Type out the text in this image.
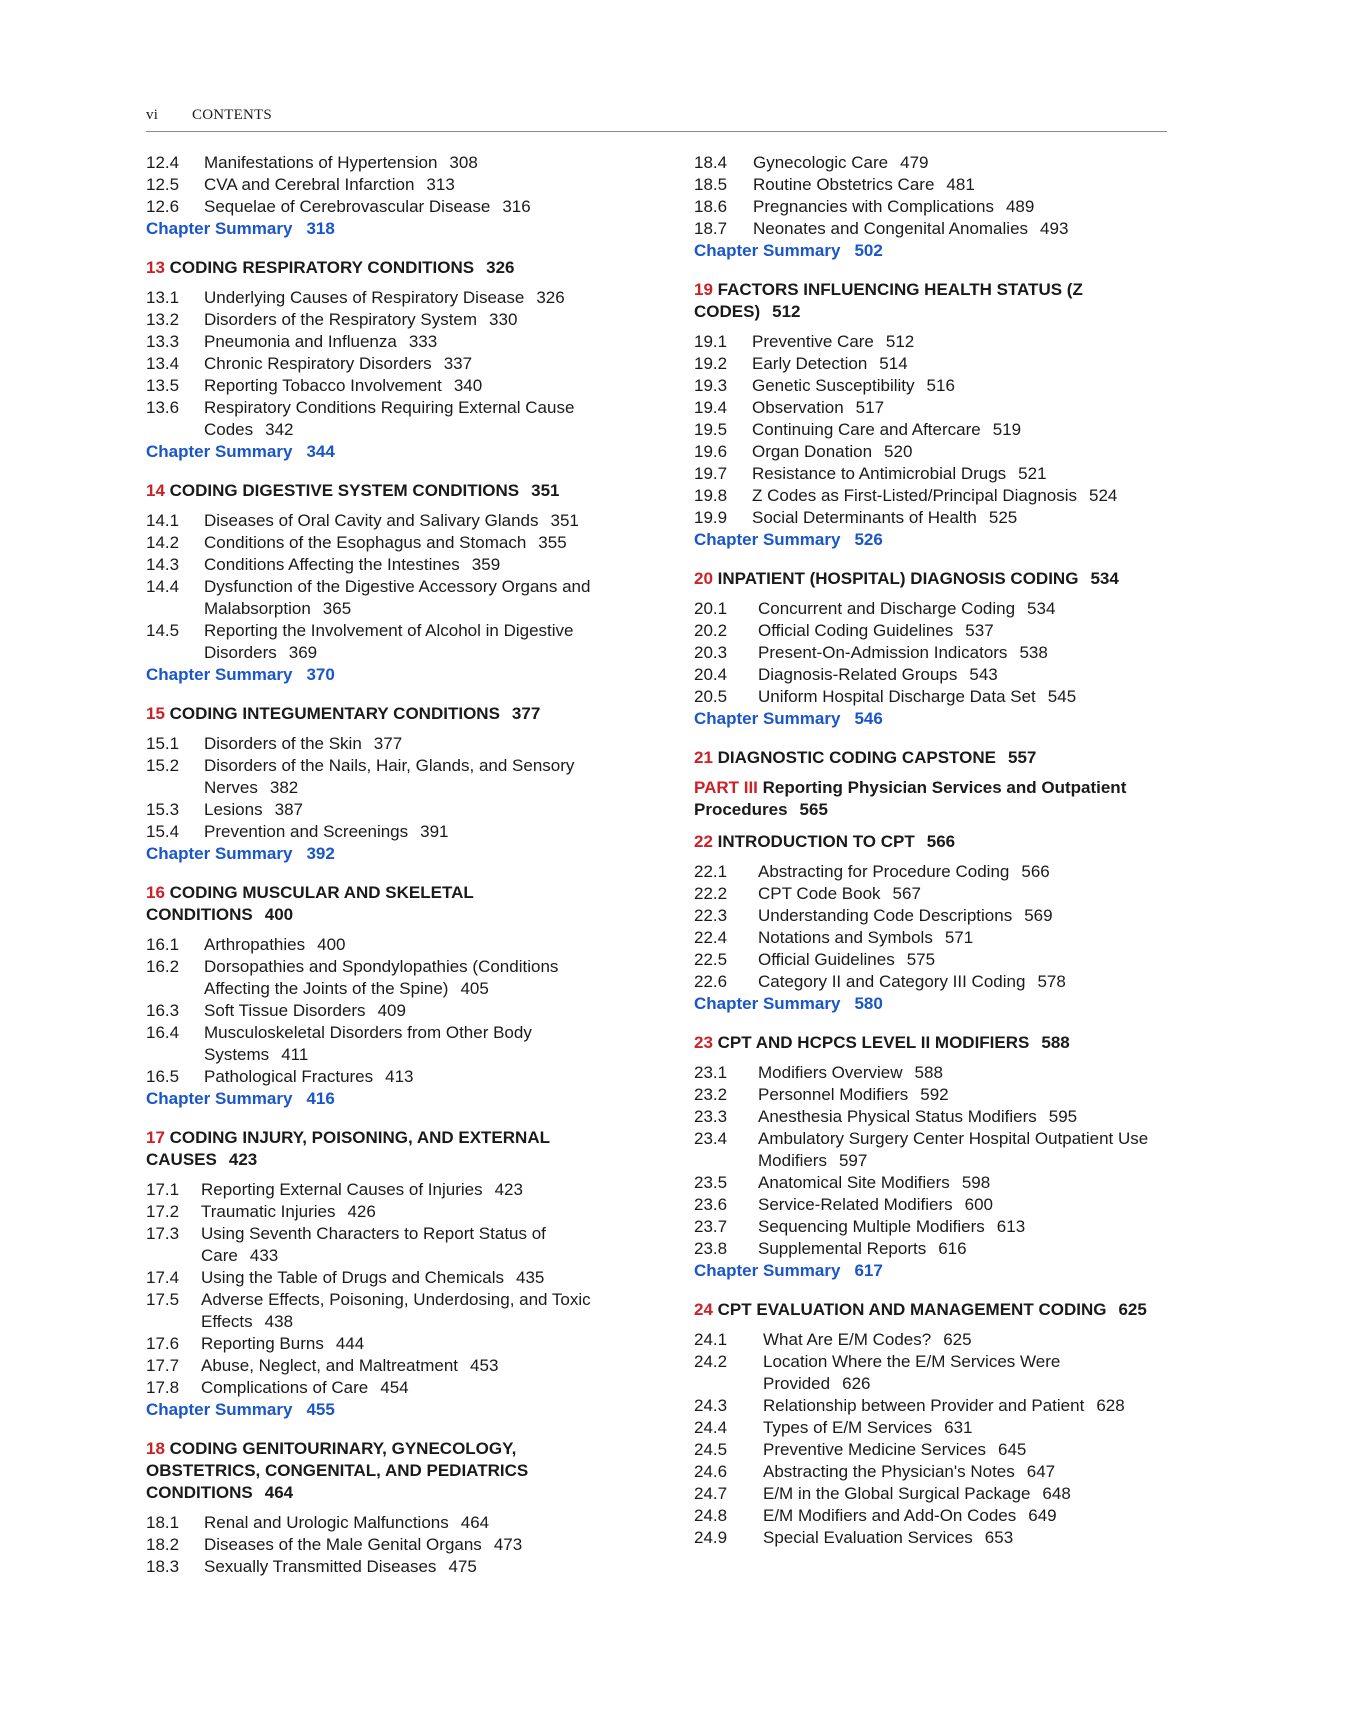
vi CONTENTS
12.4	Manifestations of Hypertension 308
12.5	CVA and Cerebral Infarction 313
12.6	Sequelae of Cerebrovascular Disease 316
Chapter Summary 318
13 CODING RESPIRATORY CONDITIONS 326
13.1	Underlying Causes of Respiratory Disease 326
13.2	Disorders of the Respiratory System 330
13.3	Pneumonia and Influenza 333
13.4	Chronic Respiratory Disorders 337
13.5	Reporting Tobacco Involvement 340
13.6	Respiratory Conditions Requiring External Cause Codes 342
Chapter Summary 344
14 CODING DIGESTIVE SYSTEM CONDITIONS 351
14.1	Diseases of Oral Cavity and Salivary Glands 351
14.2	Conditions of the Esophagus and Stomach 355
14.3	Conditions Affecting the Intestines 359
14.4	Dysfunction of the Digestive Accessory Organs and Malabsorption 365
14.5	Reporting the Involvement of Alcohol in Digestive Disorders 369
Chapter Summary 370
15 CODING INTEGUMENTARY CONDITIONS 377
15.1	Disorders of the Skin 377
15.2	Disorders of the Nails, Hair, Glands, and Sensory Nerves 382
15.3	Lesions 387
15.4	Prevention and Screenings 391
Chapter Summary 392
16 CODING MUSCULAR AND SKELETAL CONDITIONS 400
16.1	Arthropathies 400
16.2	Dorsopathies and Spondylopathies (Conditions Affecting the Joints of the Spine) 405
16.3	Soft Tissue Disorders 409
16.4	Musculoskeletal Disorders from Other Body Systems 411
16.5	Pathological Fractures 413
Chapter Summary 416
17 CODING INJURY, POISONING, AND EXTERNAL CAUSES 423
17.1	Reporting External Causes of Injuries 423
17.2	Traumatic Injuries 426
17.3	Using Seventh Characters to Report Status of Care 433
17.4	Using the Table of Drugs and Chemicals 435
17.5	Adverse Effects, Poisoning, Underdosing, and Toxic Effects 438
17.6	Reporting Burns 444
17.7	Abuse, Neglect, and Maltreatment 453
17.8	Complications of Care 454
Chapter Summary 455
18 CODING GENITOURINARY, GYNECOLOGY, OBSTETRICS, CONGENITAL, AND PEDIATRICS CONDITIONS 464
18.1	Renal and Urologic Malfunctions 464
18.2	Diseases of the Male Genital Organs 473
18.3	Sexually Transmitted Diseases 475
18.4	Gynecologic Care 479
18.5	Routine Obstetrics Care 481
18.6	Pregnancies with Complications 489
18.7	Neonates and Congenital Anomalies 493
Chapter Summary 502
19 FACTORS INFLUENCING HEALTH STATUS (Z CODES) 512
19.1	Preventive Care 512
19.2	Early Detection 514
19.3	Genetic Susceptibility 516
19.4	Observation 517
19.5	Continuing Care and Aftercare 519
19.6	Organ Donation 520
19.7	Resistance to Antimicrobial Drugs 521
19.8	Z Codes as First-Listed/Principal Diagnosis 524
19.9	Social Determinants of Health 525
Chapter Summary 526
20 INPATIENT (HOSPITAL) DIAGNOSIS CODING 534
20.1	Concurrent and Discharge Coding 534
20.2	Official Coding Guidelines 537
20.3	Present-On-Admission Indicators 538
20.4	Diagnosis-Related Groups 543
20.5	Uniform Hospital Discharge Data Set 545
Chapter Summary 546
21 DIAGNOSTIC CODING CAPSTONE 557
PART III Reporting Physician Services and Outpatient Procedures 565
22 INTRODUCTION TO CPT 566
22.1	Abstracting for Procedure Coding 566
22.2	CPT Code Book 567
22.3	Understanding Code Descriptions 569
22.4	Notations and Symbols 571
22.5	Official Guidelines 575
22.6	Category II and Category III Coding 578
Chapter Summary 580
23 CPT AND HCPCS LEVEL II MODIFIERS 588
23.1	Modifiers Overview 588
23.2	Personnel Modifiers 592
23.3	Anesthesia Physical Status Modifiers 595
23.4	Ambulatory Surgery Center Hospital Outpatient Use Modifiers 597
23.5	Anatomical Site Modifiers 598
23.6	Service-Related Modifiers 600
23.7	Sequencing Multiple Modifiers 613
23.8	Supplemental Reports 616
Chapter Summary 617
24 CPT EVALUATION AND MANAGEMENT CODING 625
24.1	What Are E/M Codes? 625
24.2	Location Where the E/M Services Were Provided 626
24.3	Relationship between Provider and Patient 628
24.4	Types of E/M Services 631
24.5	Preventive Medicine Services 645
24.6	Abstracting the Physician's Notes 647
24.7	E/M in the Global Surgical Package 648
24.8	E/M Modifiers and Add-On Codes 649
24.9	Special Evaluation Services 653
